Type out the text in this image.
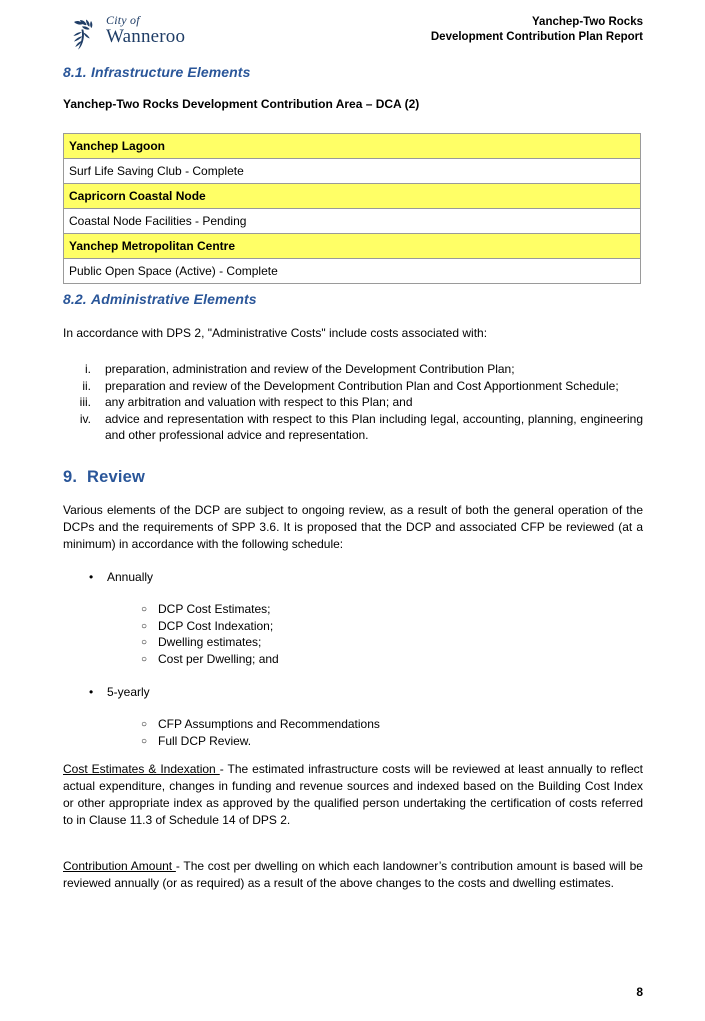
City of
Wanneroo
Yanchep-Two Rocks
Development Contribution Plan Report
8.1. Infrastructure Elements
Yanchep-Two Rocks Development Contribution Area – DCA (2)
Yanchep Lagoon
Surf Life Saving Club - Complete
Capricorn Coastal Node
Coastal Node Facilities - Pending
Yanchep Metropolitan Centre
Public Open Space (Active) - Complete
8.2. Administrative Elements
In accordance with DPS 2, "Administrative Costs" include costs associated with:
i. preparation, administration and review of the Development Contribution Plan;
ii. preparation and review of the Development Contribution Plan and Cost Apportionment Schedule;
iii. any arbitration and valuation with respect to this Plan; and
iv. advice and representation with respect to this Plan including legal, accounting, planning, engineering and other professional advice and representation.
9. Review
Various elements of the DCP are subject to ongoing review, as a result of both the general operation of the DCPs and the requirements of SPP 3.6. It is proposed that the DCP and associated CFP be reviewed (at a minimum) in accordance with the following schedule:
• Annually
○ DCP Cost Estimates;
○ DCP Cost Indexation;
○ Dwelling estimates;
○ Cost per Dwelling; and
• 5-yearly
○ CFP Assumptions and Recommendations
○ Full DCP Review.
Cost Estimates & Indexation - The estimated infrastructure costs will be reviewed at least annually to reflect actual expenditure, changes in funding and revenue sources and indexed based on the Building Cost Index or other appropriate index as approved by the qualified person undertaking the certification of costs referred to in Clause 11.3 of Schedule 14 of DPS 2.
Contribution Amount - The cost per dwelling on which each landowner’s contribution amount is based will be reviewed annually (or as required) as a result of the above changes to the costs and dwelling estimates.
8
